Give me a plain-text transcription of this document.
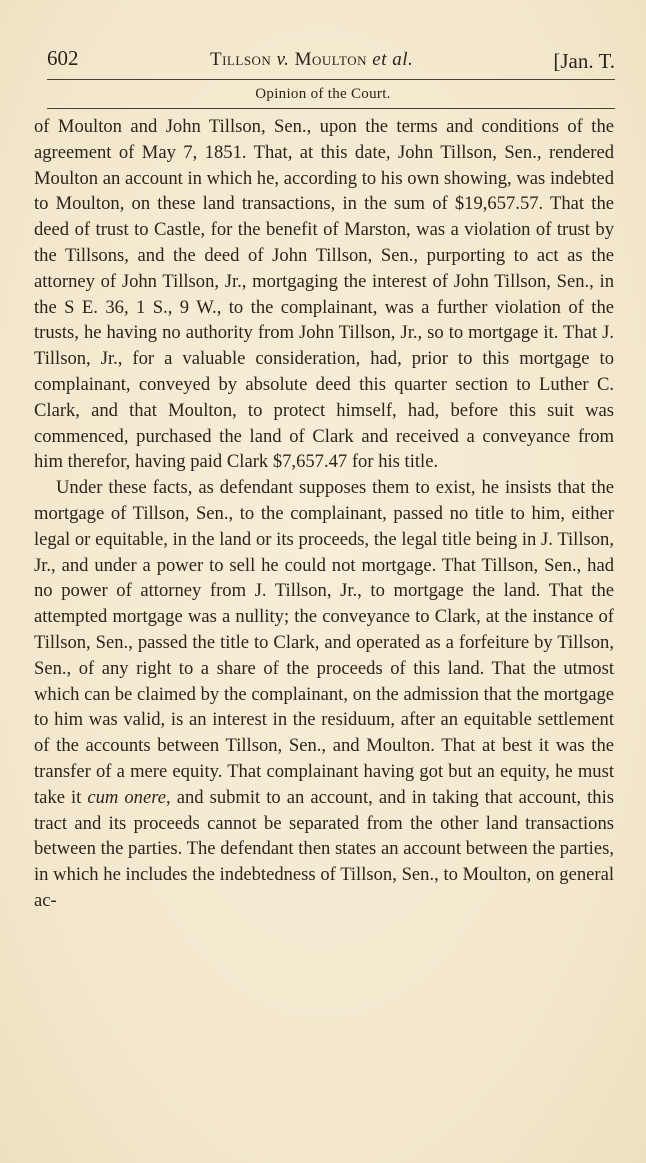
602	Tillson v. Moulton et al.	[Jan. T.
Opinion of the Court.

of Moulton and John Tillson, Sen., upon the terms and conditions of the agreement of May 7, 1851. That, at this date, John Tillson, Sen., rendered Moulton an account in which he, according to his own showing, was indebted to Moulton, on these land transactions, in the sum of $19,657.57. That the deed of trust to Castle, for the benefit of Marston, was a violation of trust by the Tillsons, and the deed of John Tillson, Sen., purporting to act as the attorney of John Tillson, Jr., mortgaging the interest of John Tillson, Sen., in the S E. 36, 1 S., 9 W., to the complainant, was a further violation of the trusts, he having no authority from John Tillson, Jr., so to mortgage it. That J. Tillson, Jr., for a valuable consideration, had, prior to this mortgage to complainant, conveyed by absolute deed this quarter section to Luther C. Clark, and that Moulton, to protect himself, had, before this suit was commenced, purchased the land of Clark and received a conveyance from him therefor, having paid Clark $7,657.47 for his title.

Under these facts, as defendant supposes them to exist, he insists that the mortgage of Tillson, Sen., to the complainant, passed no title to him, either legal or equitable, in the land or its proceeds, the legal title being in J. Tillson, Jr., and under a power to sell he could not mortgage. That Tillson, Sen., had no power of attorney from J. Tillson, Jr., to mortgage the land. That the attempted mortgage was a nullity; the conveyance to Clark, at the instance of Tillson, Sen., passed the title to Clark, and operated as a forfeiture by Tillson, Sen., of any right to a share of the proceeds of this land. That the utmost which can be claimed by the complainant, on the admission that the mortgage to him was valid, is an interest in the residuum, after an equitable settlement of the accounts between Tillson, Sen., and Moulton. That at best it was the transfer of a mere equity. That complainant having got but an equity, he must take it cum onere, and submit to an account, and in taking that account, this tract and its proceeds cannot be separated from the other land transactions between the parties. The defendant then states an account between the parties, in which he includes the indebtedness of Tillson, Sen., to Moulton, on general ac-
